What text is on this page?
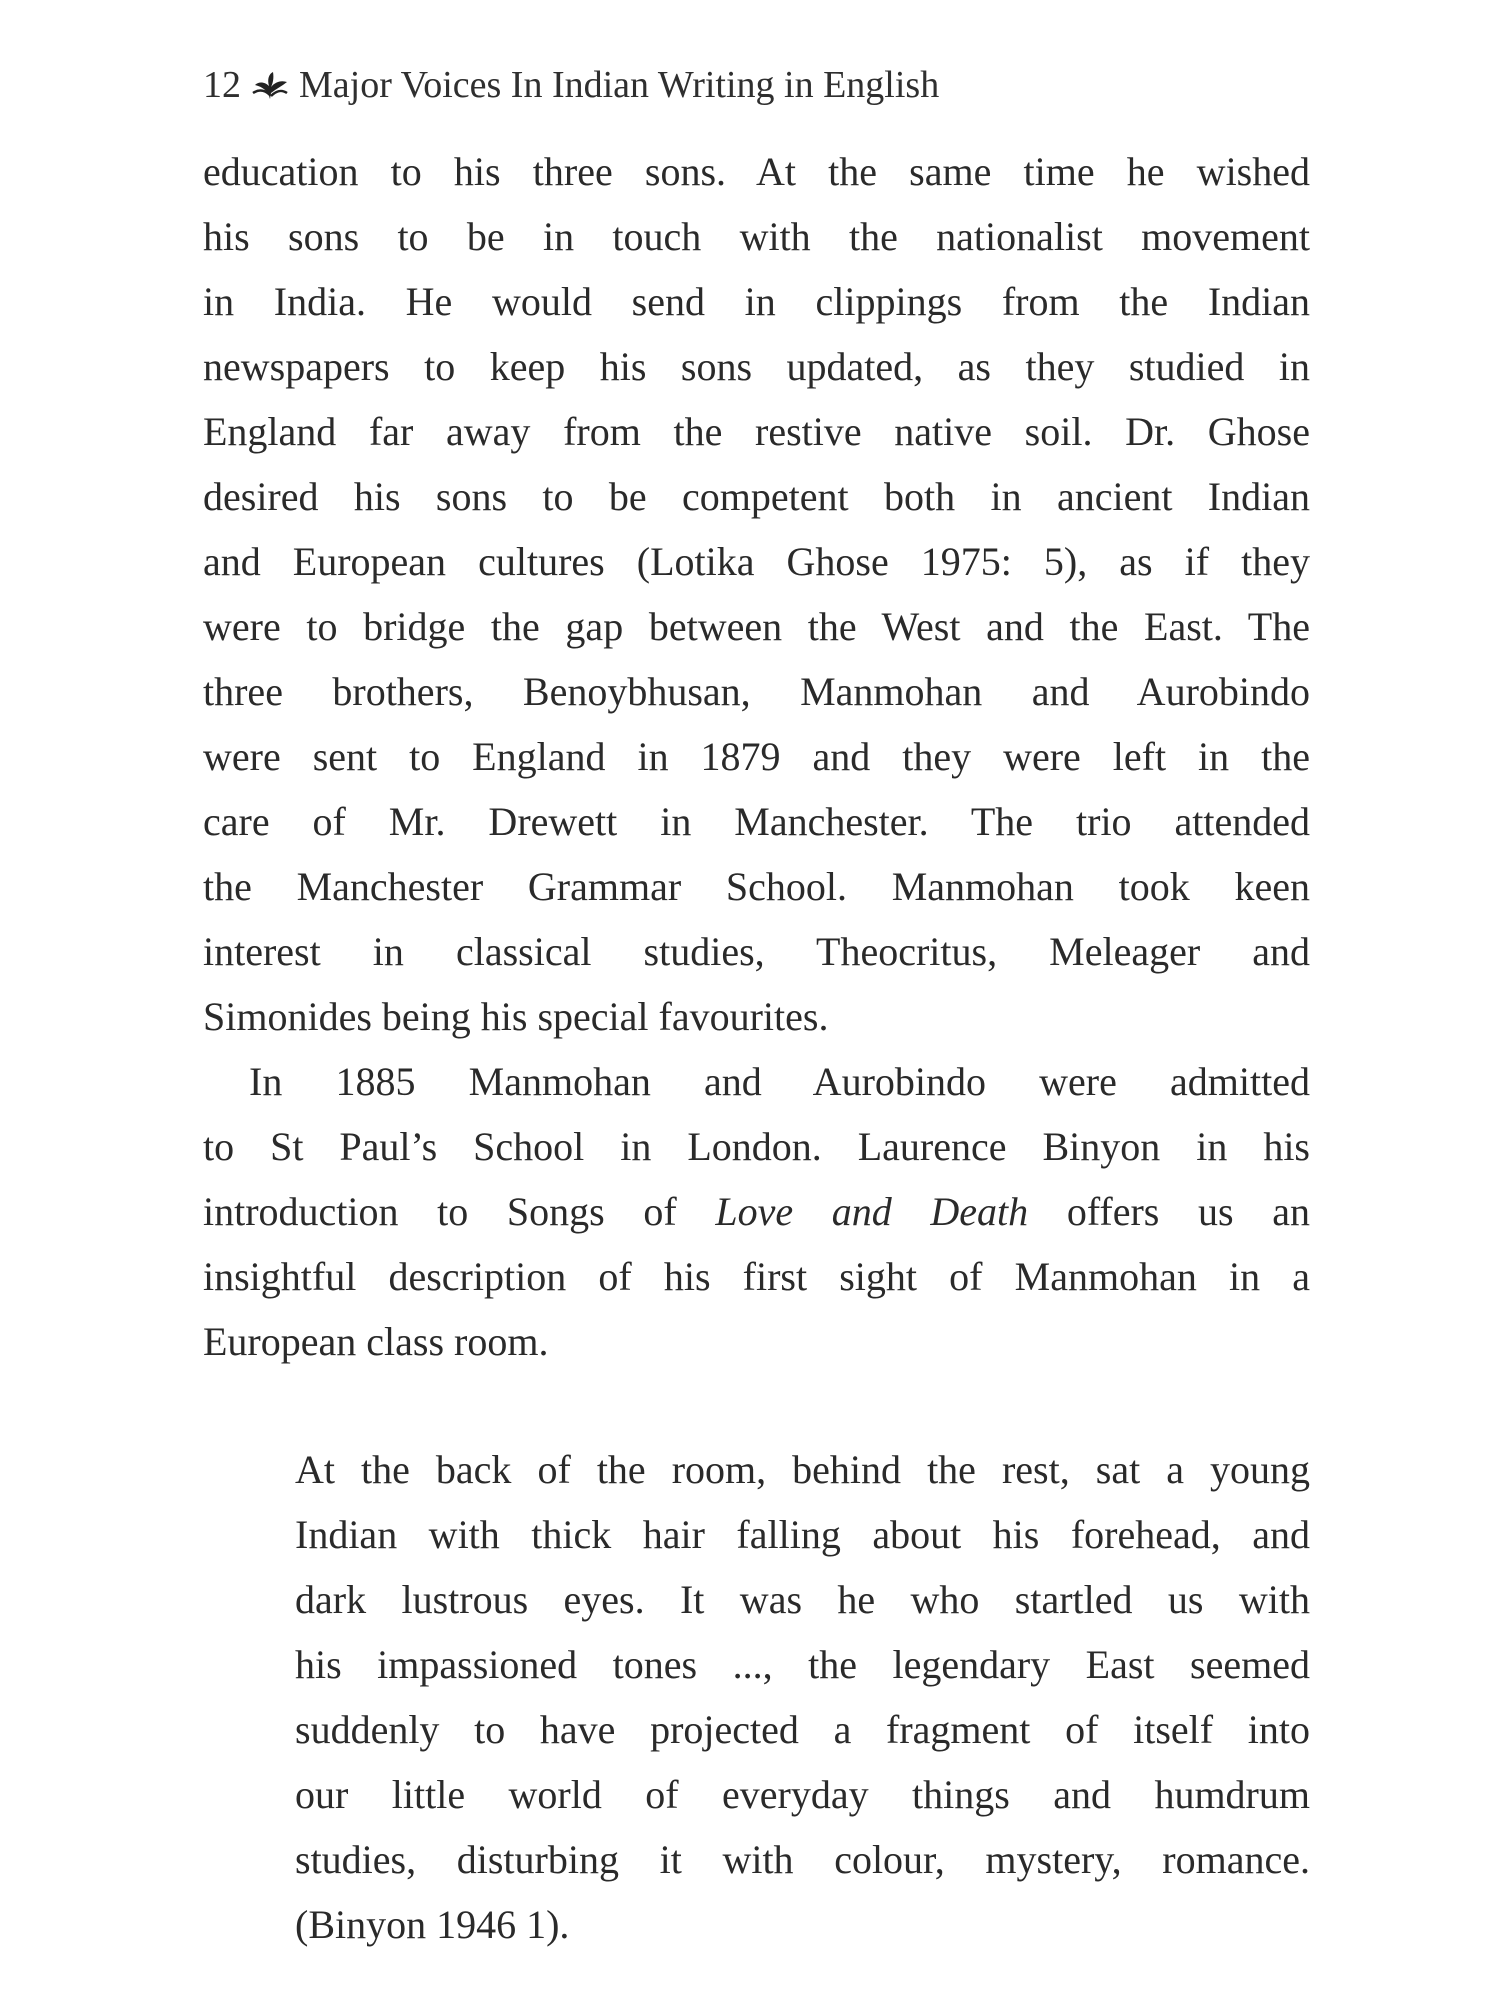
12 Major Voices In Indian Writing in English
education to his three sons. At the same time he wished
his sons to be in touch with the nationalist movement
in India. He would send in clippings from the Indian
newspapers to keep his sons updated, as they studied in
England far away from the restive native soil. Dr. Ghose
desired his sons to be competent both in ancient Indian
and European cultures (Lotika Ghose 1975: 5), as if they
were to bridge the gap between the West and the East. The
three brothers, Benoybhusan, Manmohan and Aurobindo
were sent to England in 1879 and they were left in the
care of Mr. Drewett in Manchester. The trio attended
the Manchester Grammar School. Manmohan took keen
interest in classical studies, Theocritus, Meleager and
Simonides being his special favourites.
In 1885 Manmohan and Aurobindo were admitted
to St Paul’s School in London. Laurence Binyon in his
introduction to Songs of Love and Death offers us an
insightful description of his first sight of Manmohan in a
European class room.
At the back of the room, behind the rest, sat a young
Indian with thick hair falling about his forehead, and
dark lustrous eyes. It was he who startled us with
his impassioned tones ..., the legendary East seemed
suddenly to have projected a fragment of itself into
our little world of everyday things and humdrum
studies, disturbing it with colour, mystery, romance.
(Binyon 1946 1).
